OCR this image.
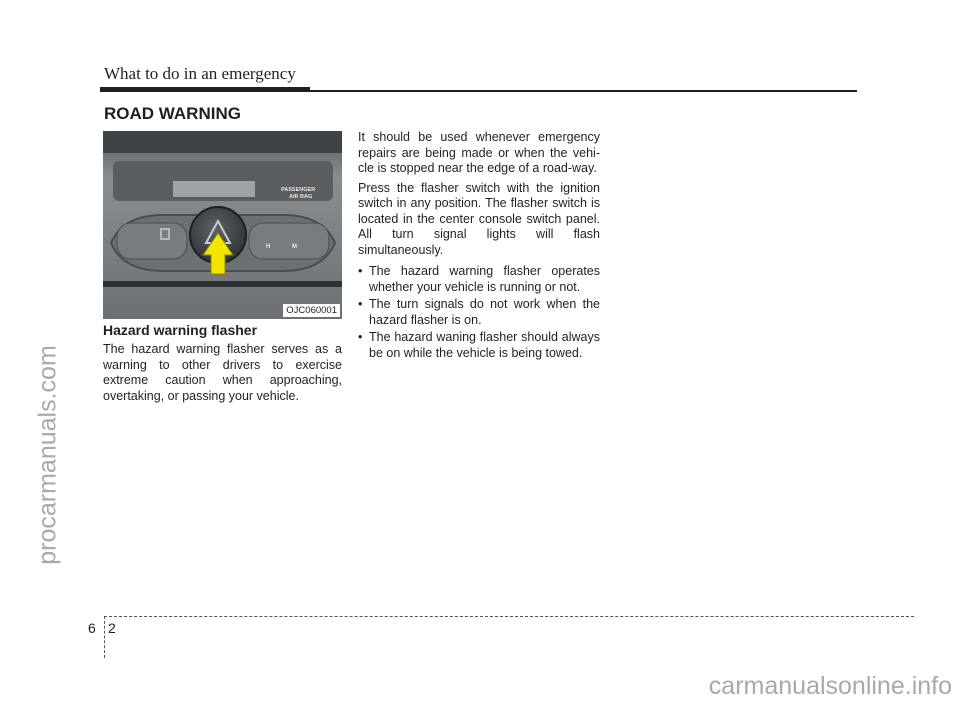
What to do in an emergency
ROAD WARNING
PASSENGER
AIR BAG
H	M
OJC060001
Hazard warning flasher

The hazard warning flasher serves as a warning to other drivers to exercise extreme caution when approaching, overtaking, or passing your vehicle.

It should be used whenever emergency repairs are being made or when the vehi-cle is stopped near the edge of a road-way.

Press the flasher switch with the ignition switch in any position. The flasher switch is located in the center console switch panel. All turn signal lights will flash simultaneously.

• The hazard warning flasher operates whether your vehicle is running or not.
• The turn signals do not work when the hazard flasher is on.
• The hazard waning flasher should always be on while the vehicle is being towed.
6 2
procarmanuals.com
carmanualsonline.info
